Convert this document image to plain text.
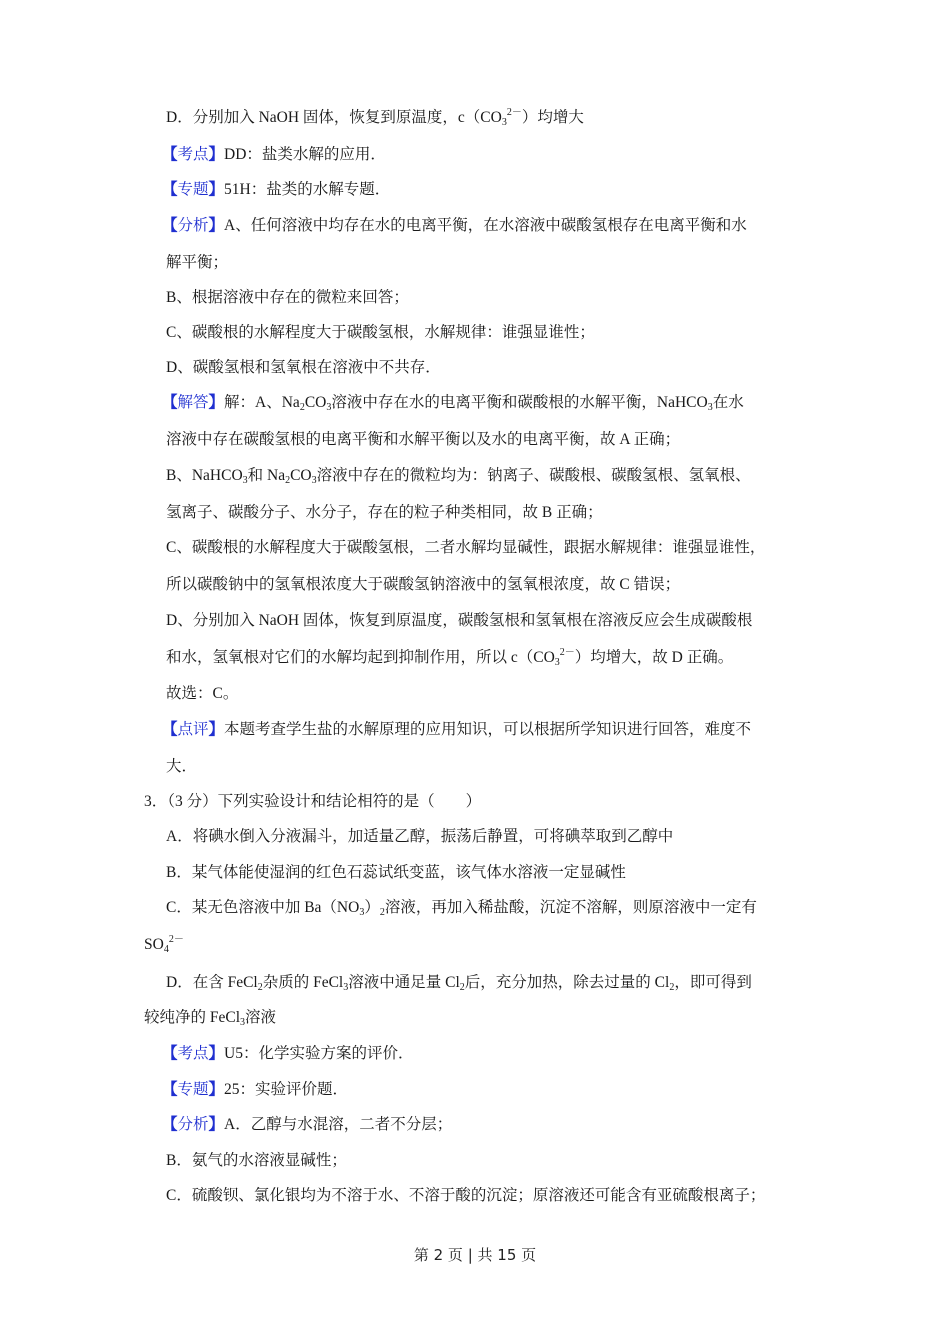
D．分别加入 NaOH 固体，恢复到原温度，$c(CO_3^{2-})$均增大
【考点】DD：盐类水解的应用．
【专题】51H：盐类的水解专题．
【分析】A、任何溶液中均存在水的电离平衡，在水溶液中碳酸氢根存在电离平衡和水
解平衡；
B、根据溶液中存在的微粒来回答；
C、碳酸根的水解程度大于碳酸氢根，水解规律：谁强显谁性；
D、碳酸氢根和氢氧根在溶液中不共存．
【解答】解：A、$Na_2CO_3$溶液中存在水的电离平衡和碳酸根的水解平衡，NaHCO$_3$在水
溶液中存在碳酸氢根的电离平衡和水解平衡以及水的电离平衡，故 A 正确；
B、NaHCO$_3$和 $Na_2CO_3$溶液中存在的微粒均为：钠离子、碳酸根、碳酸氢根、氢氧根、
氢离子、碳酸分子、水分子，存在的粒子种类相同，故 B 正确；
C、碳酸根的水解程度大于碳酸氢根，二者水解均显碱性，跟据水解规律：谁强显谁性，
所以碳酸钠中的氢氧根浓度大于碳酸氢钠溶液中的氢氧根浓度，故 C 错误；
D、分别加入 NaOH 固体，恢复到原温度，碳酸氢根和氢氧根在溶液反应会生成碳酸根
和水，氢氧根对它们的水解均起到抑制作用，所以 $c(CO_3^{2-})$均增大，故 D 正确。
故选：C。
【点评】本题考查学生盐的水解原理的应用知识，可以根据所学知识进行回答，难度不
大．
3．（3 分）下列实验设计和结论相符的是（　　）
A．将碘水倒入分液漏斗，加适量乙醇，振荡后静置，可将碘萃取到乙醇中
B．某气体能使湿润的红色石蕊试纸变蓝，该气体水溶液一定显碱性
C．某无色溶液中加 $Ba(NO_3)_2$溶液，再加入稀盐酸，沉淀不溶解，则原溶液中一定有
$SO_4^{2-}$
D．在含 FeCl$_2$杂质的 FeCl$_3$溶液中通足量 $Cl_2$后，充分加热，除去过量的 $Cl_2$，即可得到
较纯净的 FeCl$_3$溶液
【考点】U5：化学实验方案的评价．
【专题】25：实验评价题．
【分析】A．乙醇与水混溶，二者不分层；
B．氨气的水溶液显碱性；
C．硫酸钡、氯化银均为不溶于水、不溶于酸的沉淀；原溶液还可能含有亚硫酸根离子；
第 2 页 | 共 15 页
